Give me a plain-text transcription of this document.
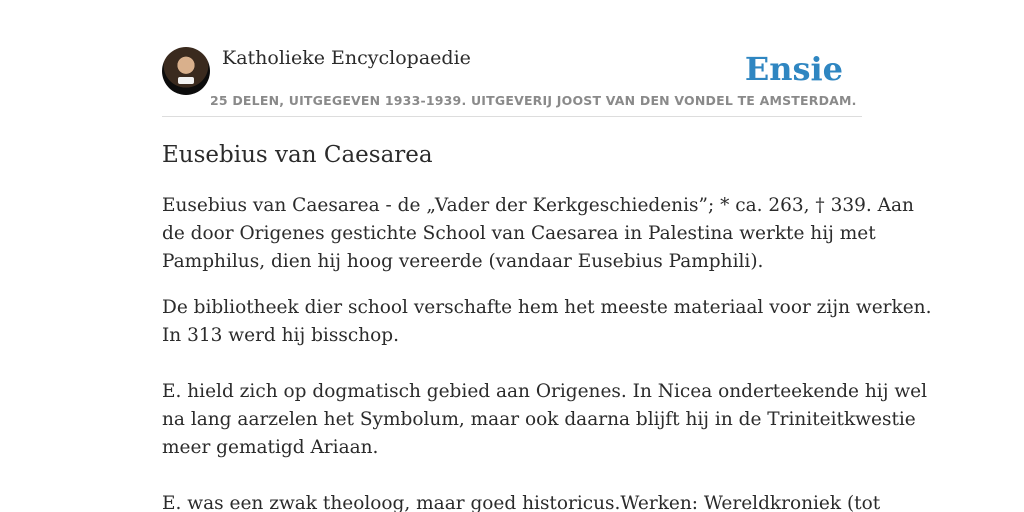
Katholieke Encyclopaedie	Ensie
25 DELEN, UITGEGEVEN 1933-1939. UITGEVERIJ JOOST VAN DEN VONDEL TE AMSTERDAM.
Eusebius van Caesarea

Eusebius van Caesarea - de „Vader der Kerkgeschiedenis”; * ca. 263, † 339. Aan
de door Origenes gestichte School van Caesarea in Palestina werkte hij met
Pamphilus, dien hij hoog vereerde (vandaar Eusebius Pamphili).

De bibliotheek dier school verschafte hem het meeste materiaal voor zijn werken.
In 313 werd hij bisschop.
E. hield zich op dogmatisch gebied aan Origenes. In Nicea onderteekende hij wel
na lang aarzelen het Symbolum, maar ook daarna blijft hij in de Triniteitkwestie
meer gematigd Ariaan.
E. was een zwak theoloog, maar goed historicus.Werken: Wereldkroniek (tot
